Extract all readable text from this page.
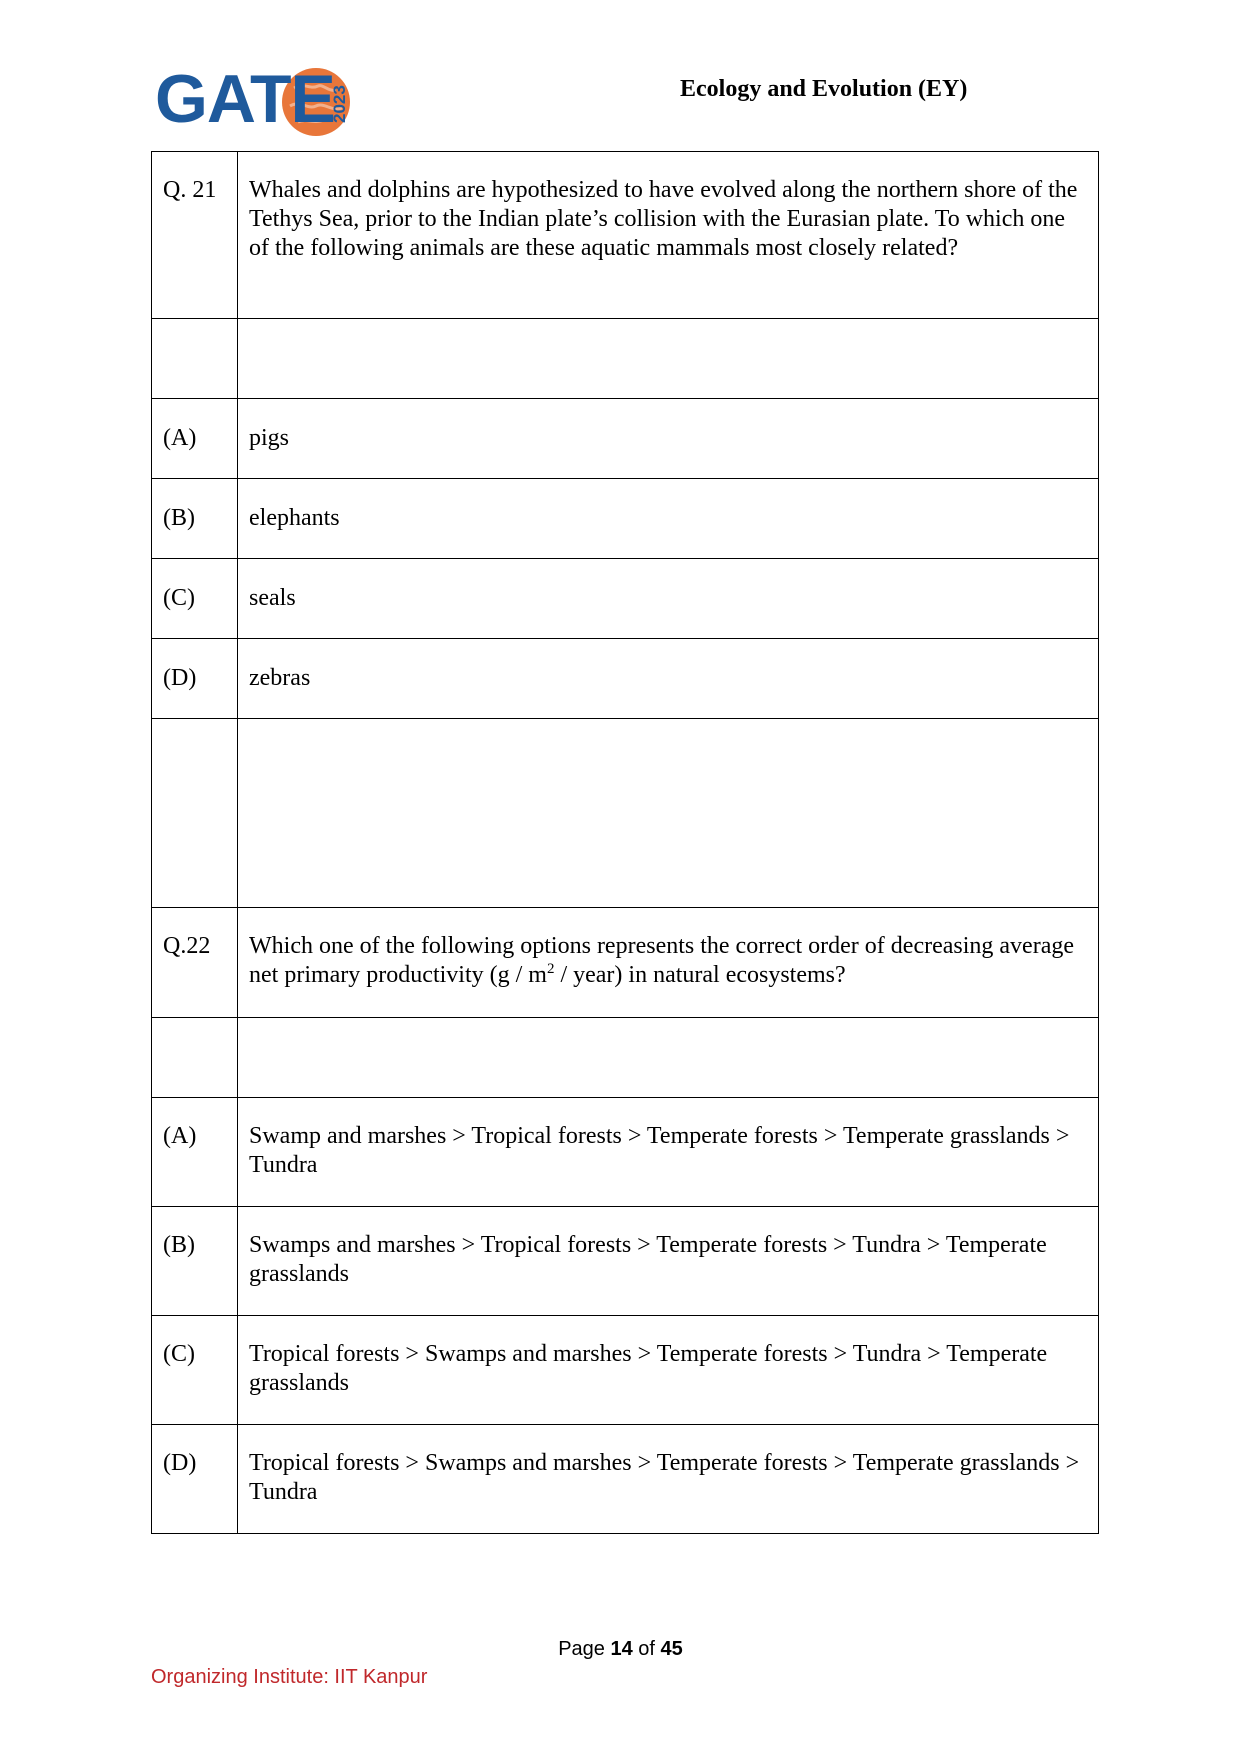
GATE
2023	Ecology and Evolution (EY)
Q. 21	Whales and dolphins are hypothesized to have evolved along the northern shore of the Tethys Sea, prior to the Indian plate’s collision with the Eurasian plate. To which one of the following animals are these aquatic mammals most closely related?

(A)	pigs
(B)	elephants
(C)	seals
(D)	zebras

Q.22	Which one of the following options represents the correct order of decreasing average net primary productivity ($g / m^2$ / year) in natural ecosystems?

(A)	Swamp and marshes > Tropical forests > Temperate forests > Temperate grasslands > Tundra
(B)	Swamps and marshes > Tropical forests > Temperate forests > Tundra > Temperate grasslands
(C)	Tropical forests > Swamps and marshes > Temperate forests > Tundra > Temperate grasslands
(D)	Tropical forests > Swamps and marshes > Temperate forests > Temperate grasslands > Tundra
Page 14 of 45
Organizing Institute: IIT Kanpur
